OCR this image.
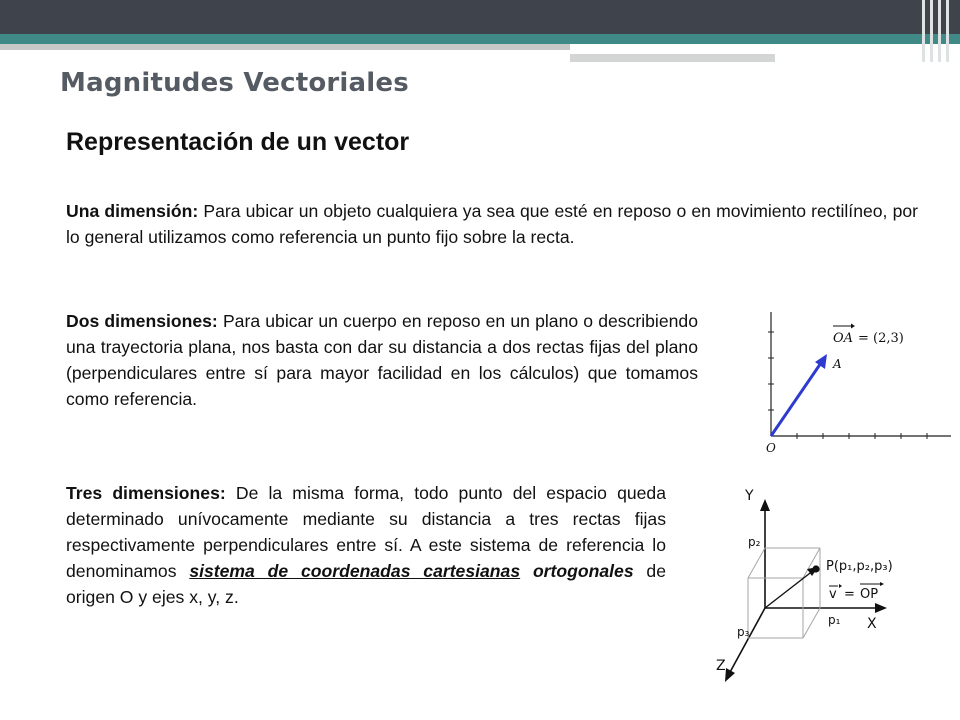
Magnitudes Vectoriales
Representación de un vector
Una dimensión: Para ubicar un objeto cualquiera ya sea que esté en reposo o en movimiento rectilíneo, por lo general utilizamos como referencia un punto fijo sobre la recta.
Dos dimensiones: Para ubicar un cuerpo en reposo en un plano o describiendo una trayectoria plana, nos basta con dar su distancia a dos rectas fijas del plano (perpendiculares entre sí para mayor facilidad en los cálculos) que tomamos como referencia.
Tres dimensiones: De la misma forma, todo punto del espacio queda determinado unívocamente mediante su distancia a tres rectas fijas respectivamente perpendiculares entre sí. A este sistema de referencia lo denominamos sistema de coordenadas cartesianas ortogonales de origen O y ejes x, y, z.
OA = (2,3)
A
O
Y
X
Z
p₂
p₁
p₃
P(p₁,p₂,p₃)
v = OP
